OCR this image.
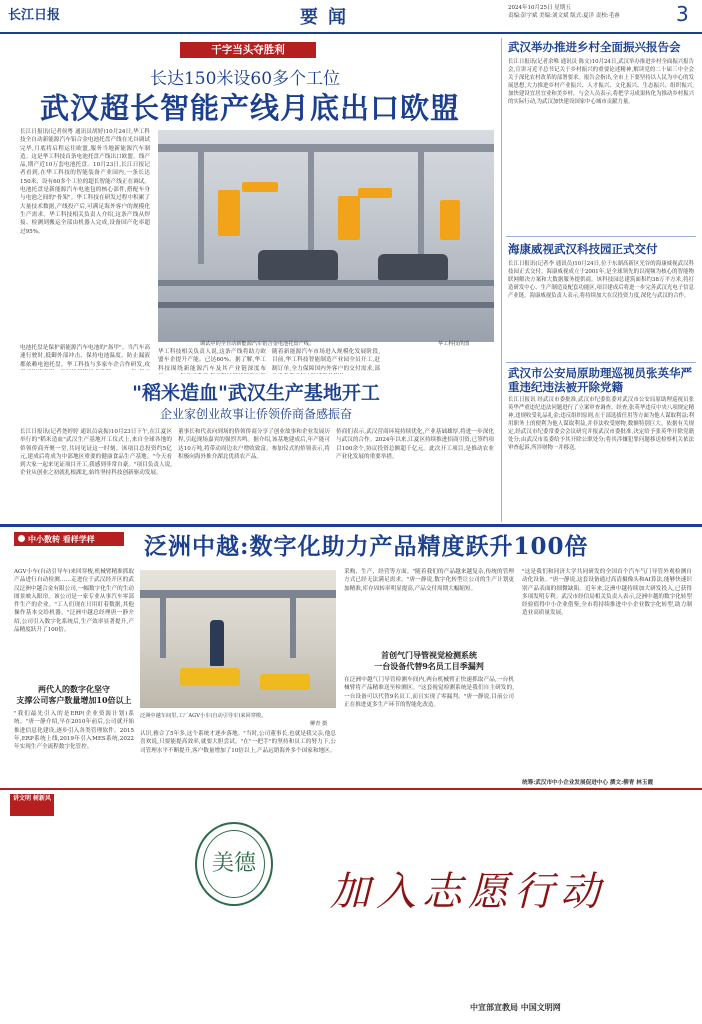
长江日报	要闻	2024年10月25日 星期五
责编:彭宇斌 美编:刘文斌 版式:夏洋 责校:毛睿	3
干字当头夺胜利
长达150米设60多个工位
武汉超长智能产线月底出口欧盟
长江日报讯(记者侯粤 通讯员胡婷)10月24日,华工科技全自动新能源汽车铝合金电池托盘产线在光谷调试完毕,月底将启程运往欧盟,服务当地新能源汽车制造。这是华工科技首条电池托盘产线出口欧盟。线产品,期产近10万套电池托盘。10月23日,长江日报记者看到,在华工科技的智能装备产业园内,一条长达150米、设有60多个工位的超长智能产线正在调试。电池托盘是新能源汽车电池包的核心部件,搭配车身与电池之间的"骨架"。华工科技在研发过程中积累了大量技术数据,产线投产后,可满足海外客户的规模化生产需求。华工科技相关负责人介绍,这条产线从焊接、检测到搬运全部由机器人完成,设备国产化率超过95%。
调试中的全自动新能源汽车铝合金电池托盘产线。	华工科技供图
电池托盘是保护新能源汽车电池的"盔甲"。当汽车高速行驶时,抵御外部冲击、保持电池温度、防止漏液都依赖电池托盘。华工科技与多家车企合作研发,攻
华工科技相关负责人说,这条产线将助力欧盟车企提升产能。已达60%。据了解,华工科技围绕新能源汽车及其产业链深度布
随着新能源汽车市场进入规模化发展阶段,目前,华工科技智能制造产业园全员开工,赶制订单,全力保障国内外客户的交付需求,部
"稻米造血"武汉生产基地开工
企业家创业故事让侨领侨商备感振奋
长江日报讯(记者尧婷婷 通讯员袁振)10月23日下午,在江夏区举行的"稻米造血"武汉生产基地开工仪式上,来自全球各地的侨领侨商齐聚一堂,共同见证这一时刻。该项目总投资约5亿元,建成后将成为中部地区重要的健康食品生产基地。"今天看到大家一起来见证项目开工,我感到非常自豪。"项目负责人说,企业从创业之初就扎根湖北,始终坚持科技创新驱动发展。
董事长和代表向到场的侨领侨商分享了创业故事和企业发展历程,引起现场嘉宾的强烈共鸣。据介绍,该基地建成后,年产能可达10万吨,将带动周边农户增收致富。参加仪式的侨领表示,将积极向海外推介湖北优质农产品。
侨商们表示,武汉营商环境持续优化,产业基础雄厚,将进一步深化与武汉的合作。2024年以来,江夏区持续推进招商引资,已签约项目100余个,协议投资总额超千亿元。此次开工项目,是推动农业产业化发展的重要举措。
武汉举办推进乡村全面振兴报告会
长江日报讯(记者余唯 通讯员 陈文)10月24日,武汉举办推进乡村全面振兴报告会,宣讲习近平总书记关于乡村振兴的重要论述精神,解读党的二十届三中全会关于深化农村改革的部署要求。报告会指出,全市上下要坚持以人民为中心的发展思想,大力推进乡村产业振兴、人才振兴、文化振兴、生态振兴、组织振兴,加快建设宜居宜业和美乡村。与会人员表示,将把学习成果转化为推动乡村振兴的实际行动,为武汉加快建设国家中心城市贡献力量。
海康威视武汉科技园正式交付
长江日报讯(记者李 通讯员)10月24日,位于东湖高新区光谷的海康威视武汉科技园正式交付。海康威视成立于2001年,是全球领先的以视频为核心的智能物联网解决方案和大数据服务提供商。该科技园总建筑面积约38万平方米,将打造研发中心、生产制造及配套功能区,项目建成后将进一步完善武汉光电子信息产业链。海康威视负责人表示,将持续加大在汉投资力度,深化与武汉的合作。
武汉市公安局原助理巡视员张英华严重违纪违法被开除党籍
长江日报讯 经武汉市委批准,武汉市纪委监委对武汉市公安局原助理巡视员张英华严重违纪违法问题进行了立案审查调查。经查,张英华违反中央八项规定精神,违规收受礼品礼金;违反组织原则,在干部选拔任用等方面为他人谋取利益;利用职务上的便利为他人谋取利益,并非法收受财物,数额特别巨大。依据有关规定,经武汉市纪委常委会会议研究并报武汉市委批准,决定给予张英华开除党籍处分;由武汉市监委给予其开除公职处分;将其涉嫌犯罪问题移送检察机关依法审查起诉,所涉财物一并移送。
中小数转 看样学样	泛洲中越:数字化助力产品精度跃升100倍
AGV小车(自动引导车)来回穿梭,机械臂精准抓取产品进行自动检测……走进位于武汉经开区的武汉泛洲中越合金有限公司,一幅数字化生产的生动图景映入眼帘。该公司是一家专业从事汽车零部件生产的企业。"工人们现在只用盯着数据,其他操作基本交给机器。"泛洲中越总经理唐一静介绍,公司引入数字化系统后,生产效率显著提升,产品精度跃升了100倍。
两代人的数字化坚守
支撑公司客户数量增加10倍以上
"我们最先引入的是ERP(企业资源计划)系统。"唐一静介绍,早在2010年前后,公司就开始推进信息化建设,逐步引入各类管理软件。2015年,ERP系统上线,2019年引入MES系统,2022年实现生产全流程数字化管控。
泛洲中越车间里,工厂AGV小车(自动引导车)来回穿梭。
柳青 摄
认识,雅合了5年多,这个系统才逐步落地。"当时,公司董事长,也就是我父亲,他总喜欢说,只要能提高效率,就要大胆尝试。"在"一把手"的坚持和员工的努力下,公司管理水平不断提升,客户数量增加了10倍以上,产品远销海外多个国家和地区。
采购、生产、经营等方面。"随着我们的产品越来越复杂,传统的管理方式已经无法满足需求。"唐一静说,数字化转型让公司的生产计划更加精准,库存周转率明显提高,产品交付周期大幅缩短。
首创气门导管视觉检测系统
一台设备代替9名员工目季漏判
在泛洲中越气门导管检测车间内,两台机械臂正快速抓取产品,一台机械臂将产品精准送至检测区。"这套视觉检测系统是我们自主研发的,一台设备可以代替9名员工,而且实现了零漏判。"唐一静说,目前公司正在推进更多生产环节的智能化改造。
"这是我们和同济大学共同研发的全国首个汽车气门导管外观检测自动化设备。"唐一静说,这套设备通过高清摄像头和AI算法,能够快速识别产品表面的细微缺陷。近年来,泛洲中越持续加大研发投入,已获得多项发明专利。武汉市经信局相关负责人表示,泛洲中越的数字化转型经验值得中小企业借鉴,全市将持续推进中小企业数字化转型,助力制造业高质量发展。
统筹:武汉市中小企业发展促进中心 撰文:柳青 林玉霞
讲文明 树新风
美德
加入志愿行动
中宣部宣教局 中国文明网
